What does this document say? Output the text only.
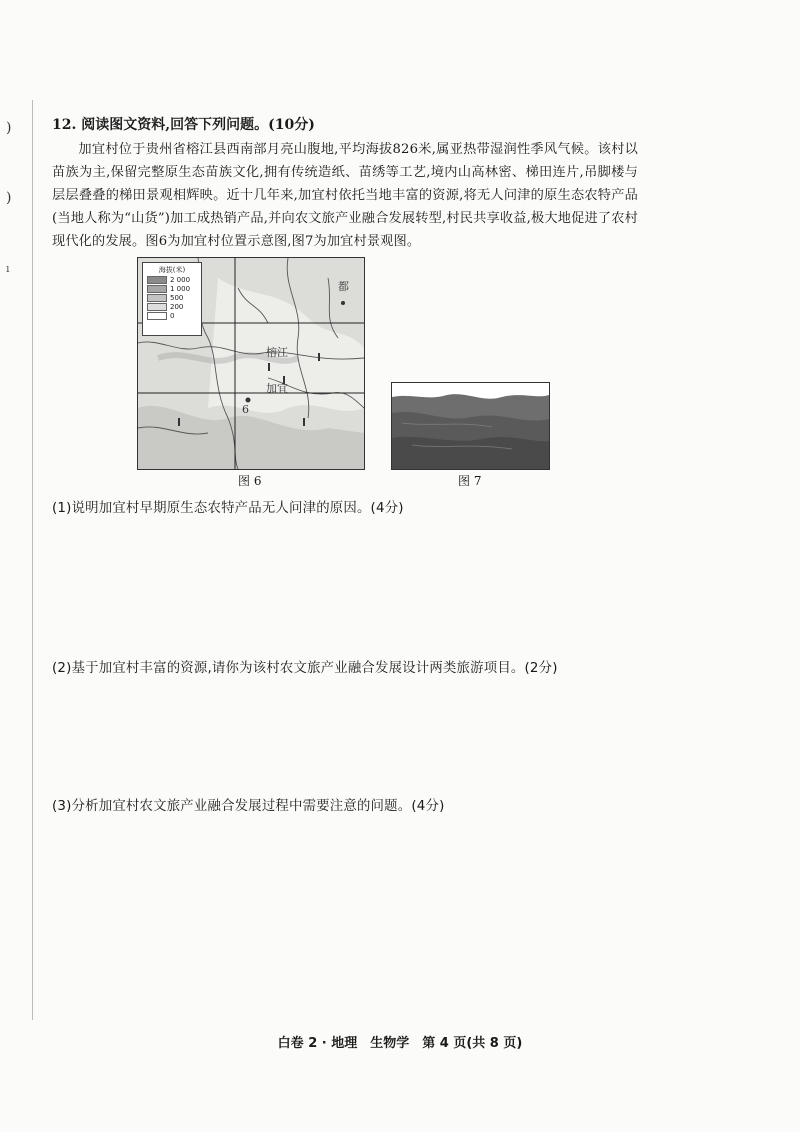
)
)
ı
12. 阅读图文资料,回答下列问题。(10分)
加宜村位于贵州省榕江县西南部月亮山腹地,平均海拔826米,属亚热带湿润性季风气候。该村以苗族为主,保留完整原生态苗族文化,拥有传统造纸、苗绣等工艺,境内山高林密、梯田连片,吊脚楼与层层叠叠的梯田景观相辉映。近十几年来,加宜村依托当地丰富的资源,将无人问津的原生态农特产品(当地人称为“山货”)加工成热销产品,并向农文旅产业融合发展转型,村民共享收益,极大地促进了农村现代化的发展。图6为加宜村位置示意图,图7为加宜村景观图。
海拔(米)
2 000
1 000
500
200
0
榕江
加宜
6
都
图 6	图 7
(1)说明加宜村早期原生态农特产品无人问津的原因。(4分)
(2)基于加宜村丰富的资源,请你为该村农文旅产业融合发展设计两类旅游项目。(2分)
(3)分析加宜村农文旅产业融合发展过程中需要注意的问题。(4分)
白卷 2 · 地理　生物学　第 4 页(共 8 页)
